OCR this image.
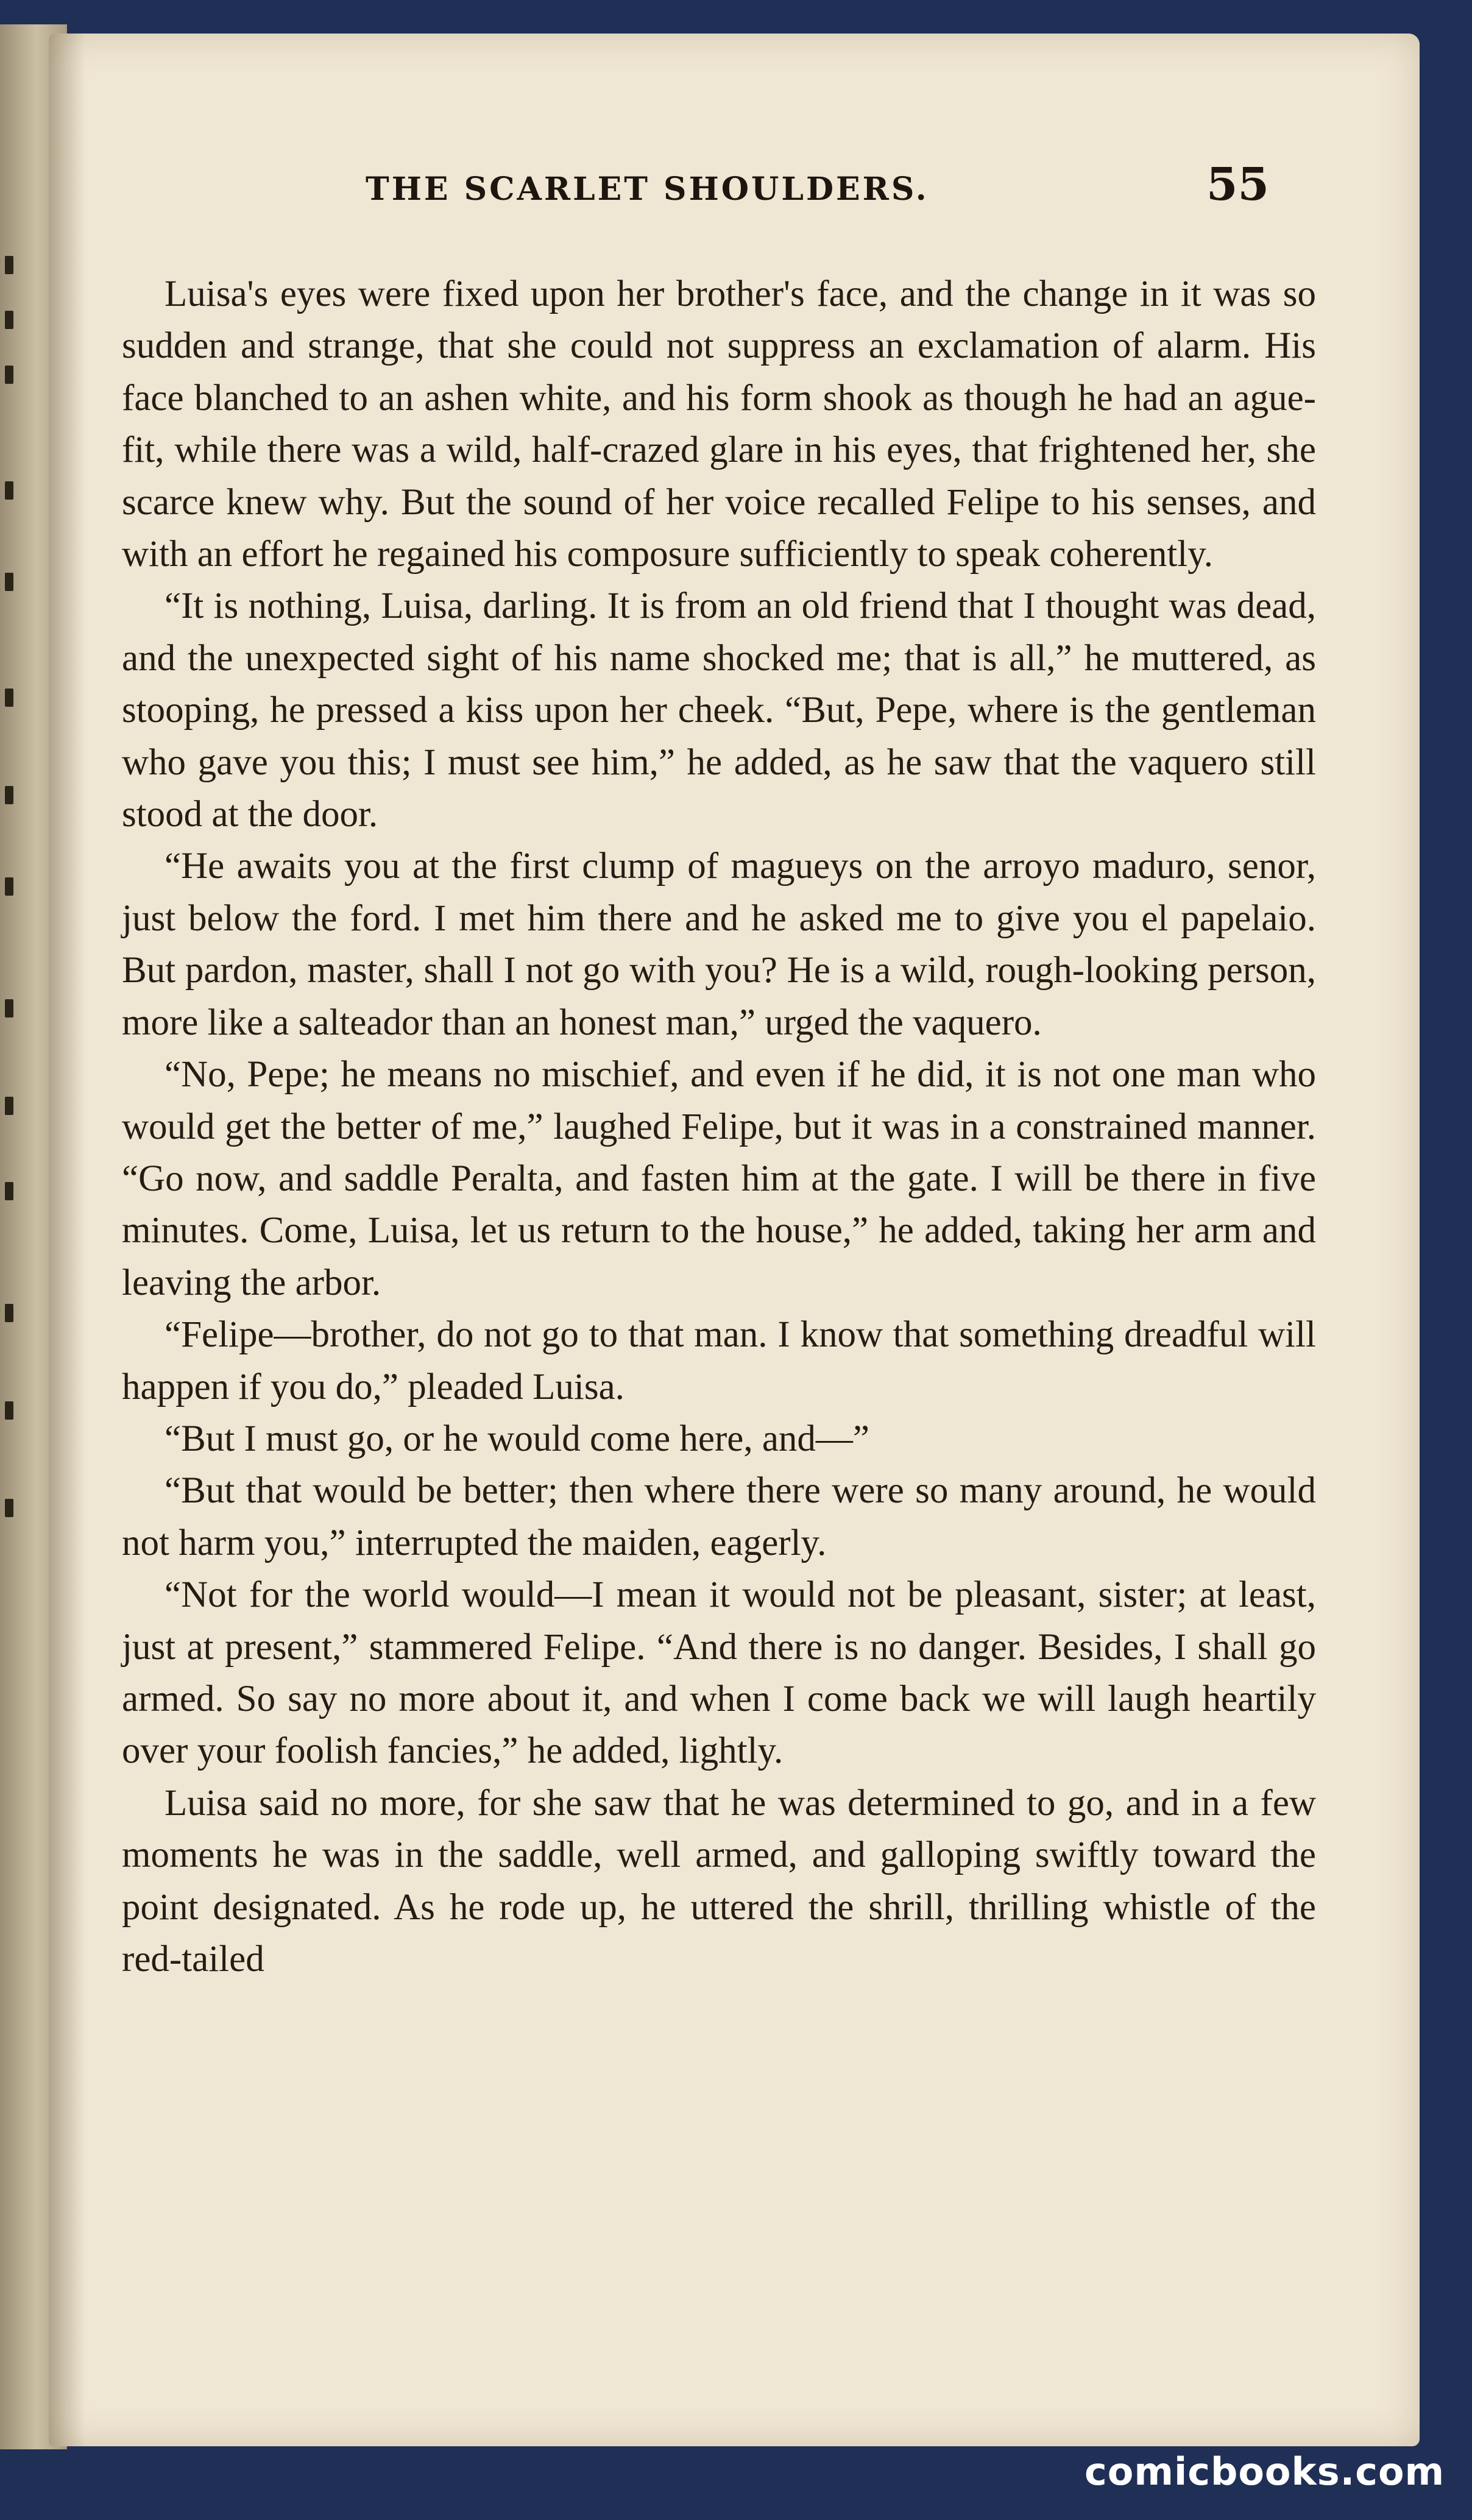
THE SCARLET SHOULDERS.	55

Luisa's eyes were fixed upon her brother's face, and the change in it was so sudden and strange, that she could not suppress an exclamation of alarm. His face blanched to an ashen white, and his form shook as though he had an ague-fit, while there was a wild, half-crazed glare in his eyes, that frightened her, she scarce knew why. But the sound of her voice recalled Felipe to his senses, and with an effort he regained his composure sufficiently to speak coherently.

“It is nothing, Luisa, darling. It is from an old friend that I thought was dead, and the unexpected sight of his name shocked me; that is all,” he muttered, as stooping, he pressed a kiss upon her cheek. “But, Pepe, where is the gentleman who gave you this; I must see him,” he added, as he saw that the vaquero still stood at the door.

“He awaits you at the first clump of magueys on the arroyo maduro, senor, just below the ford. I met him there and he asked me to give you el papelaio. But pardon, master, shall I not go with you? He is a wild, rough-looking person, more like a salteador than an honest man,” urged the vaquero.

“No, Pepe; he means no mischief, and even if he did, it is not one man who would get the better of me,” laughed Felipe, but it was in a constrained manner. “Go now, and saddle Peralta, and fasten him at the gate. I will be there in five minutes. Come, Luisa, let us return to the house,” he added, taking her arm and leaving the arbor.

“Felipe—brother, do not go to that man. I know that something dreadful will happen if you do,” pleaded Luisa.

“But I must go, or he would come here, and—”

“But that would be better; then where there were so many around, he would not harm you,” interrupted the maiden, eagerly.

“Not for the world would—I mean it would not be pleasant, sister; at least, just at present,” stammered Felipe. “And there is no danger. Besides, I shall go armed. So say no more about it, and when I come back we will laugh heartily over your foolish fancies,” he added, lightly.

Luisa said no more, for she saw that he was determined to go, and in a few moments he was in the saddle, well armed, and galloping swiftly toward the point designated. As he rode up, he uttered the shrill, thrilling whistle of the red-tailed

comicbooks.com
